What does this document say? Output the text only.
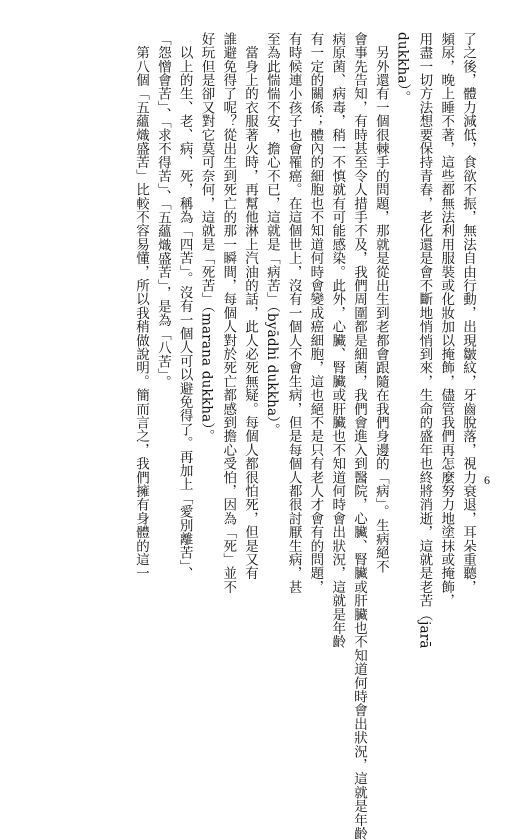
了之後，體力減低，食欲不振，無法自由行動，出現皺紋，牙齒脫落，視力衰退，耳朵重聽，
頻尿，晚上睡不著，這些都無法利用服裝或化妝加以掩飾，儘管我們再怎麼努力地塗抹或掩飾，
用盡一切方法想要保持青春，老化還是會不斷地悄悄到來，生命的盛年也終將消逝，這就是老苦（jarā
dukkha）。
　另外還有一個很棘手的問題，那就是從出生到老都會跟隨在我們身邊的「病」。生病絕不
會事先告知，有時甚至令人措手不及，我們周圍都是細菌，我們會進入到醫院，心臟、腎臟或肝臟也不知道何時會出狀況，這就是年齡
病原菌、病毒，稍一不慎就有可能感染。此外，心臟、腎臟或肝臟也不知道何時會出狀況，這就是年齡
有一定的關係；體內的細胞也不知道何時會變成癌細胞，這也絕不是只有老人才會有的問題，
有時候連小孩子也會罹癌。在這個世上，沒有一個人不會生病，但是每個人都很討厭生病，甚
至為此惴惴不安，擔心不已，這就是「病苦」（byādhi dukkha）。
　當身上的衣服著火時，再幫他淋上汽油的話，此人必死無疑。每個人都很怕死，但是又有
誰避免得了呢？從出生到死亡的那一瞬間，每個人對於死亡都感到擔心受怕，因為「死」並不
好玩但是卻又對它莫可奈何，這就是「死苦」（marana dukkha）。
　以上的生、老、病、死，稱為「四苦」。沒有一個人可以避免得了。再加上「愛別離苦」、
「怨憎會苦」、「求不得苦」、「五蘊熾盛苦」，是為「八苦」。
　第八個「五蘊熾盛苦」比較不容易懂，所以我稍做說明。簡而言之，我們擁有身體的這一	6
